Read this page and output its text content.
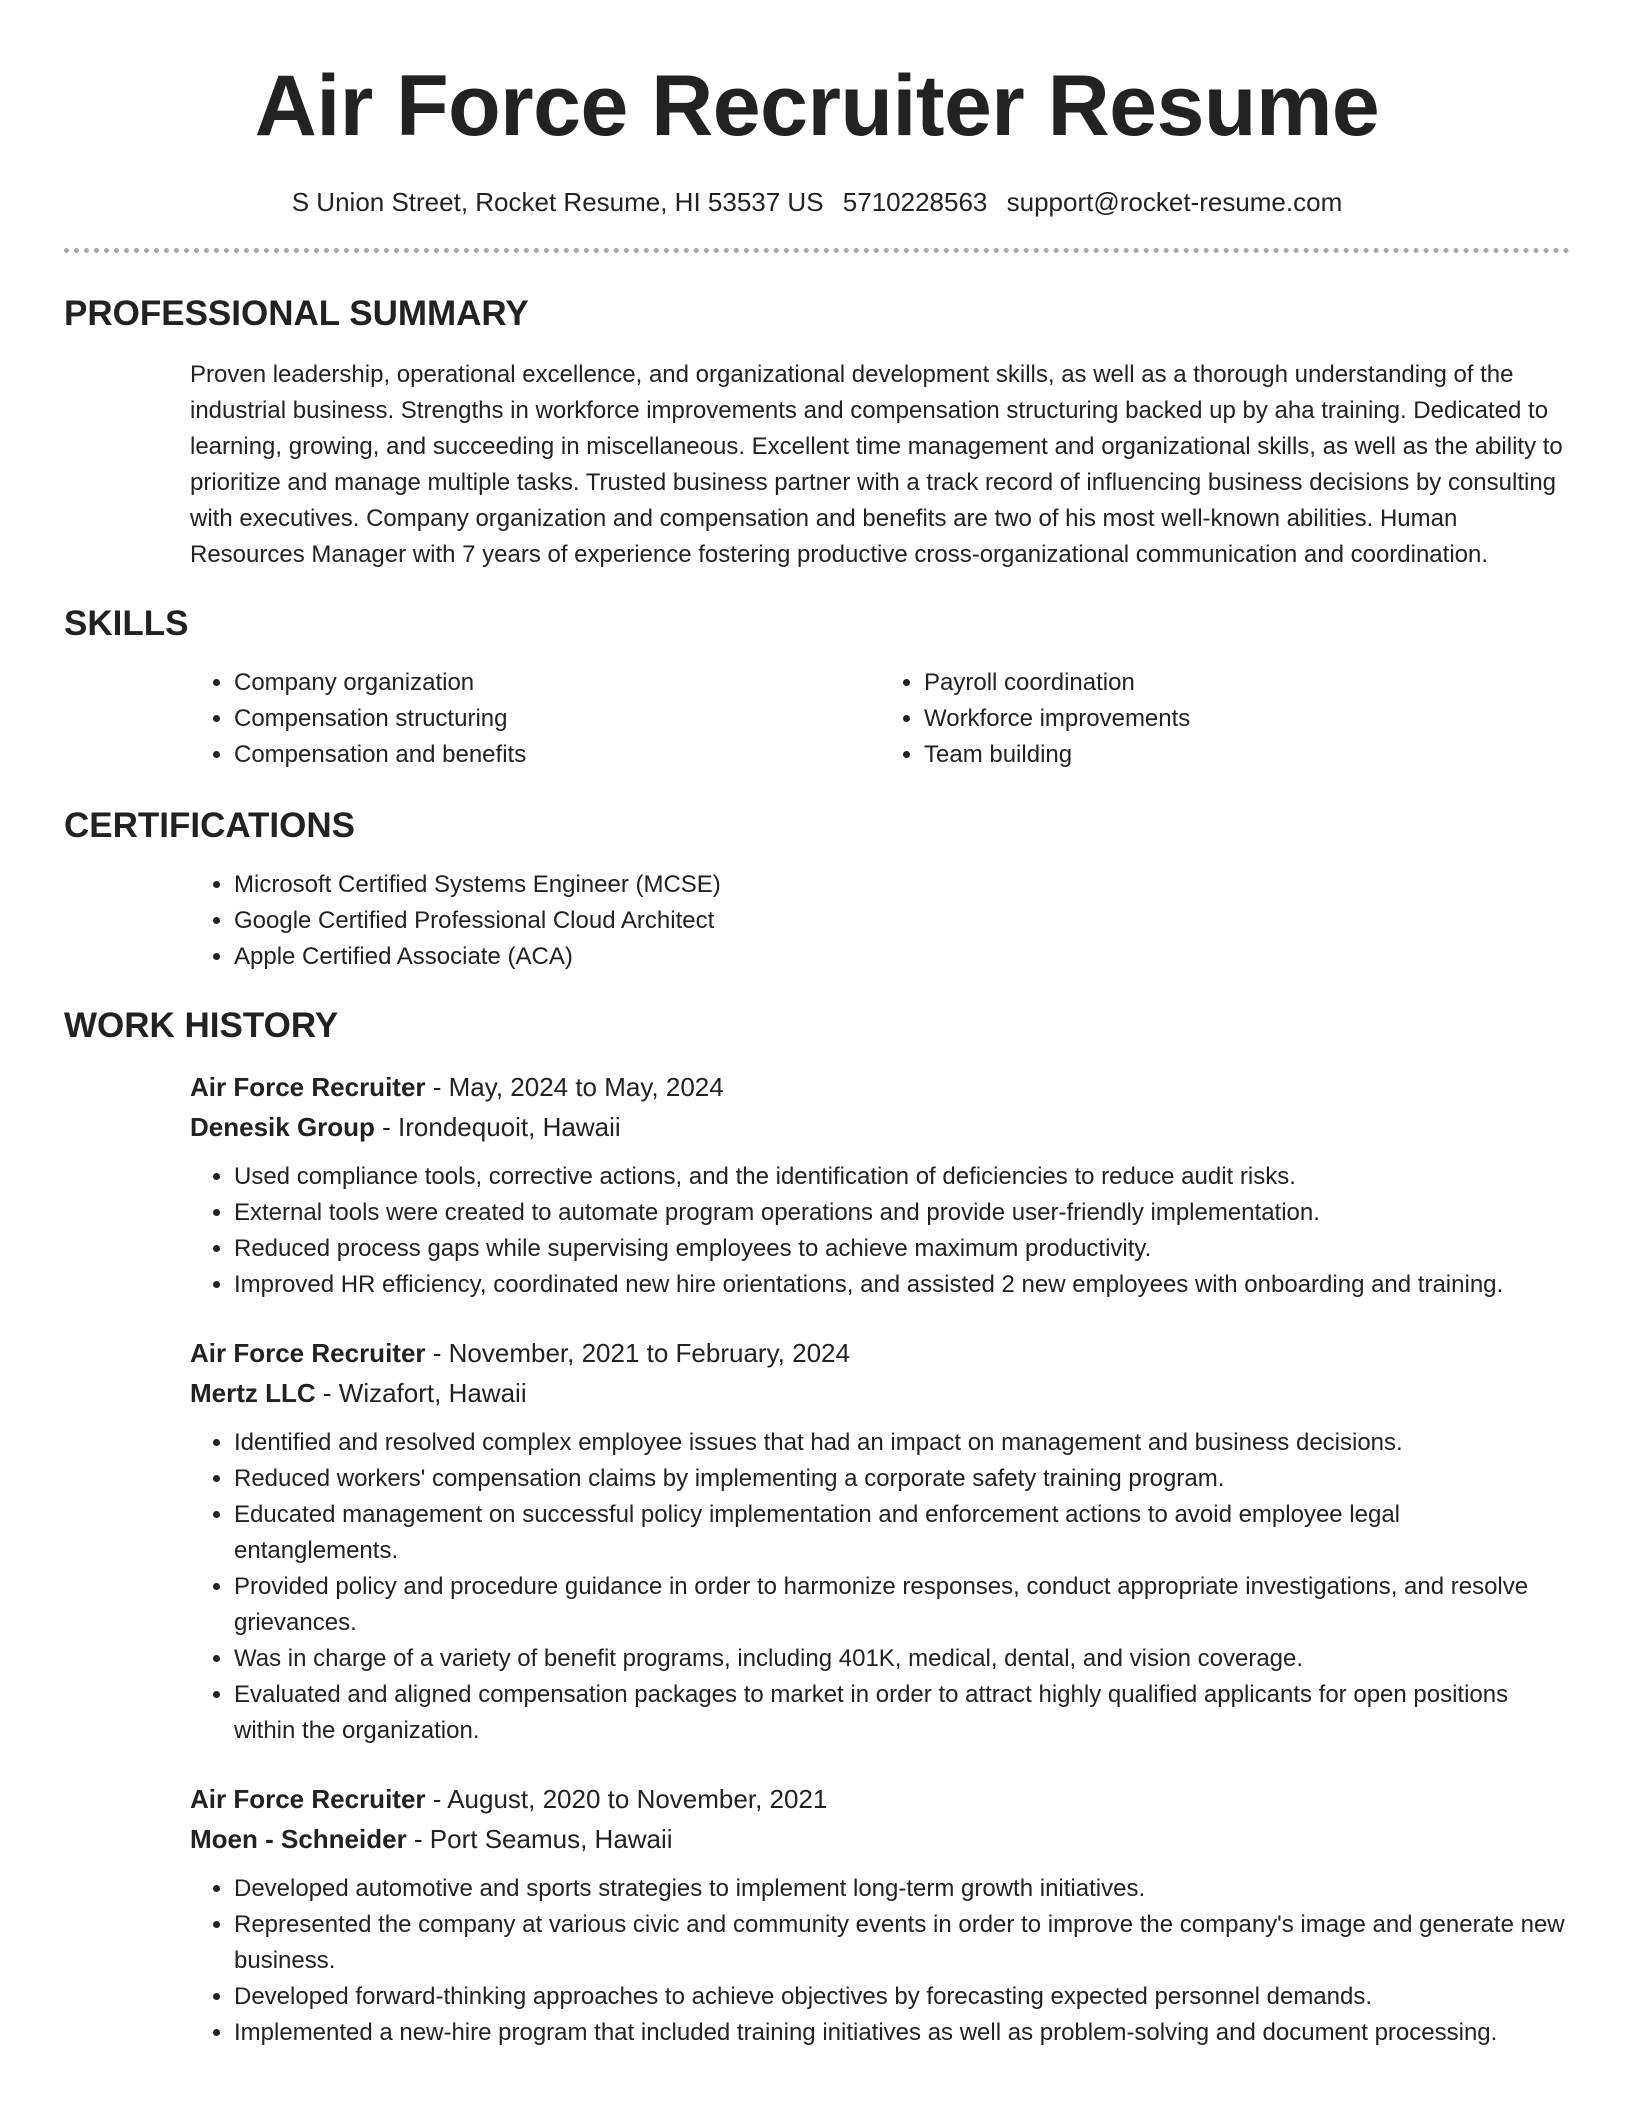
Air Force Recruiter Resume
S Union Street, Rocket Resume, HI 53537 US 5710228563 support@rocket-resume.com
PROFESSIONAL SUMMARY
Proven leadership, operational excellence, and organizational development skills, as well as a thorough understanding of the industrial business. Strengths in workforce improvements and compensation structuring backed up by aha training. Dedicated to learning, growing, and succeeding in miscellaneous. Excellent time management and organizational skills, as well as the ability to prioritize and manage multiple tasks. Trusted business partner with a track record of influencing business decisions by consulting with executives. Company organization and compensation and benefits are two of his most well-known abilities. Human Resources Manager with 7 years of experience fostering productive cross-organizational communication and coordination.
SKILLS
• Company organization
• Compensation structuring
• Compensation and benefits
• Payroll coordination
• Workforce improvements
• Team building
CERTIFICATIONS
• Microsoft Certified Systems Engineer (MCSE)
• Google Certified Professional Cloud Architect
• Apple Certified Associate (ACA)
WORK HISTORY
Air Force Recruiter - May, 2024 to May, 2024
Denesik Group - Irondequoit, Hawaii
• Used compliance tools, corrective actions, and the identification of deficiencies to reduce audit risks.
• External tools were created to automate program operations and provide user-friendly implementation.
• Reduced process gaps while supervising employees to achieve maximum productivity.
• Improved HR efficiency, coordinated new hire orientations, and assisted 2 new employees with onboarding and training.
Air Force Recruiter - November, 2021 to February, 2024
Mertz LLC - Wizafort, Hawaii
• Identified and resolved complex employee issues that had an impact on management and business decisions.
• Reduced workers' compensation claims by implementing a corporate safety training program.
• Educated management on successful policy implementation and enforcement actions to avoid employee legal entanglements.
• Provided policy and procedure guidance in order to harmonize responses, conduct appropriate investigations, and resolve grievances.
• Was in charge of a variety of benefit programs, including 401K, medical, dental, and vision coverage.
• Evaluated and aligned compensation packages to market in order to attract highly qualified applicants for open positions within the organization.
Air Force Recruiter - August, 2020 to November, 2021
Moen - Schneider - Port Seamus, Hawaii
• Developed automotive and sports strategies to implement long-term growth initiatives.
• Represented the company at various civic and community events in order to improve the company's image and generate new business.
• Developed forward-thinking approaches to achieve objectives by forecasting expected personnel demands.
• Implemented a new-hire program that included training initiatives as well as problem-solving and document processing.
